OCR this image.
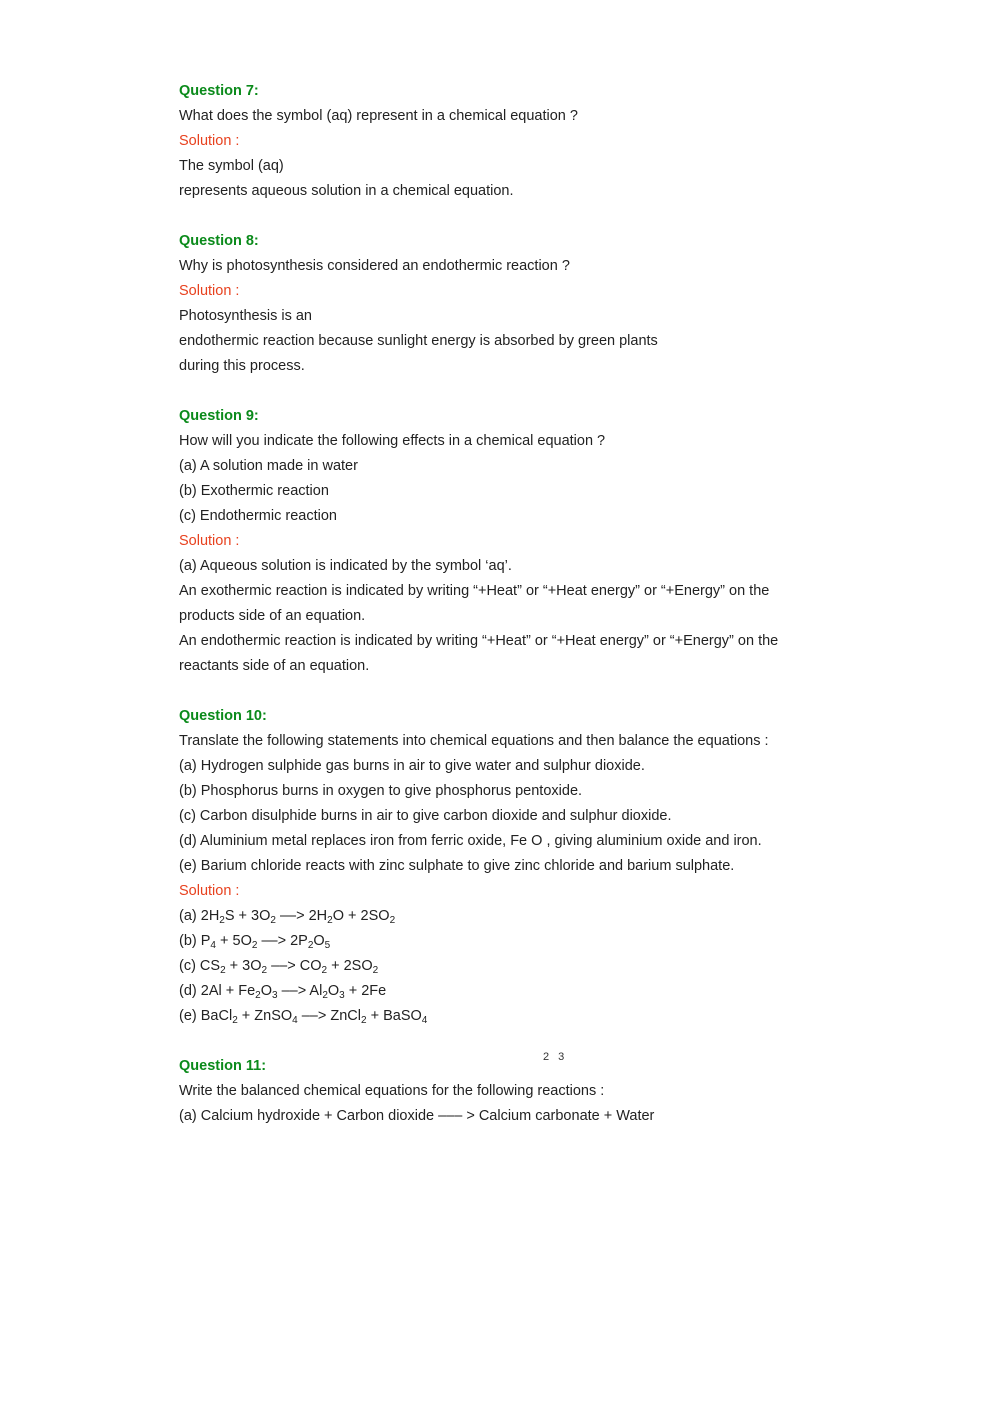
Question 7:
What does the symbol (aq) represent in a chemical equation ?
Solution :
The symbol (aq)
represents aqueous solution in a chemical equation.
Question 8:
Why is photosynthesis considered an endothermic reaction ?
Solution :
Photosynthesis is an
endothermic reaction because sunlight energy is absorbed by green plants
during this process.
Question 9:
How will you indicate the following effects in a chemical equation ?
(a) A solution made in water
(b) Exothermic reaction
(c) Endothermic reaction
Solution :
(a) Aqueous solution is indicated by the symbol ‘aq’.
An exothermic reaction is indicated by writing “+Heat” or “+Heat energy” or “+Energy” on the
products side of an equation.
An endothermic reaction is indicated by writing “+Heat” or “+Heat energy” or “+Energy” on the
reactants side of an equation.
Question 10:
Translate the following statements into chemical equations and then balance the equations :
(a) Hydrogen sulphide gas burns in air to give water and sulphur dioxide.
(b) Phosphorus burns in oxygen to give phosphorus pentoxide.
(c) Carbon disulphide burns in air to give carbon dioxide and sulphur dioxide.
(d) Aluminium metal replaces iron from ferric oxide, Fe O , giving aluminium oxide and iron.
(e) Barium chloride reacts with zinc sulphate to give zinc chloride and barium sulphate.
Solution :
(a) $2H_2S + 3O_2$ ‒‒> $2H_2O + 2SO_2$
(b) $P_4 + 5O_2$ ‒‒> $2P_2O_5$
(c) $CS_2 + 3O_2$ ‒‒> $CO_2 + 2SO_2$
(d) $2Al + Fe_2O_3$ ‒‒> $Al_2O_3 + 2Fe$
(e) BaCl$_2$ + ZnSO$_4$ ‒‒> ZnCl$_2$ + BaSO$_4$
Question 11:
Write the balanced chemical equations for the following reactions :
(a) Calcium hydroxide + Carbon dioxide ‒‒‒ > Calcium carbonate + Water
2 3
